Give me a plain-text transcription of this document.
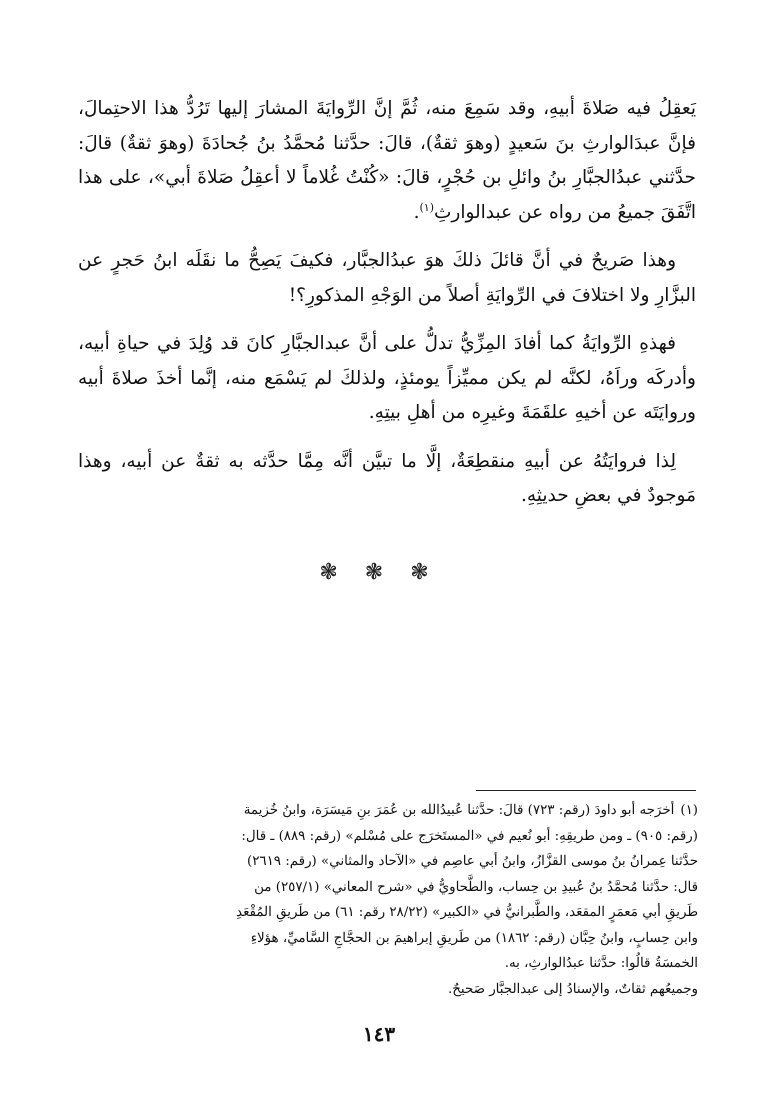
يَعقِلُ فيه صَلاةَ أبيهِ، وقد سَمِعَ منه، ثُمَّ إنَّ الرِّوايَةَ المشارَ إليها تَرُدُّ هذا الاحتِمالَ، فإنَّ عبدَالوارثِ بنَ سَعيدٍ (وهوَ ثقةٌ)، قالَ: حدَّثنا مُحمَّدُ بنُ جُحادَةَ (وهوَ ثقةٌ) قالَ: حدَّثني عبدُالجبَّارِ بنُ وائلِ بن حُجْرٍ، قالَ: «كُنْتُ غُلاماً لا أعقِلُ صَلاةَ أبي»، على هذا اتَّفَقَ جميعُ من رواه عن عبدالوارثِ$^{(١)}$.

وهذا صَريحٌ في أنَّ قائلَ ذلكَ هوَ عبدُالجبَّار، فكيفَ يَصِحُّ ما نقَلَه ابنُ حَجرٍ عن البزَّارِ ولا اختلافَ في الرِّوايَةِ أصلاً من الوَجْهِ المذكورِ؟!

فهذهِ الرِّوايَةُ كما أفادَ المِزِّيُّ تدلُّ على أنَّ عبدالجبَّارِ كانَ قد وُلِدَ في حياةِ أبيه، وأدركَه وراَهُ، لكنَّه لم يكن مميِّزاً يومئذٍ، ولذلكَ لم يَسْمَع منه، إنَّما أخذَ صلاةَ أبيه وروايَتَه عن أخيهِ علقَمَةَ وغيرِه من أهلِ بيتِهِ.

لِذا فروايَتُهُ عن أبيهِ منقطِعَةٌ، إلَّا ما تبيَّن أنَّه مِمَّا حدَّثه به ثقةٌ عن أبيه، وهذا مَوجودٌ في بعضِ حديثِهِ.

❃ ❃ ❃
(١)أخرَجه أبو داودَ (رقم: ٧٢٣) قالَ: حدَّثنا عُبيدُالله بن عُمَرَ بنِ مَيسَرَة، وابنُ خُزيمة
(رقم: ٩٠٥) ـ ومن طريقِهِ: أبو نُعيم في «المستَخرَج على مُسْلم» (رقم: ٨٨٩) ـ قال:
حدَّثنا عِمرانُ بنُ موسى القزَّازُ، وابنُ أبي عاصِم في «الآحاد والمثاني» (رقم: ٢٦١٩)
قال: حدَّثنا مُحمَّدُ بنُ عُبيدِ بن حِساب، والطَّحاويُّ في «شرح المعاني» (٢٥٧/١) من
طَريقِ أبي مَعمَرٍ المقعَد، والطَّبرانيُّ في «الكبير» (٢٨/٢٢ رقم: ٦١) من طَريقِ المُقْعَدِ
وابن حِسابٍ، وابنُ حِبَّان (رقم: ١٨٦٢) من طَريقِ إبراهيمَ بن الحجَّاجِ السَّاميِّ، هؤلاءِ
الخمسَةُ قالُوا: حدَّثنا عبدُالوارثِ، به.
وجميعُهم ثقاتٌ، والإسنادُ إلى عبدالجبَّار صَحيحٌ.
١٤٣
